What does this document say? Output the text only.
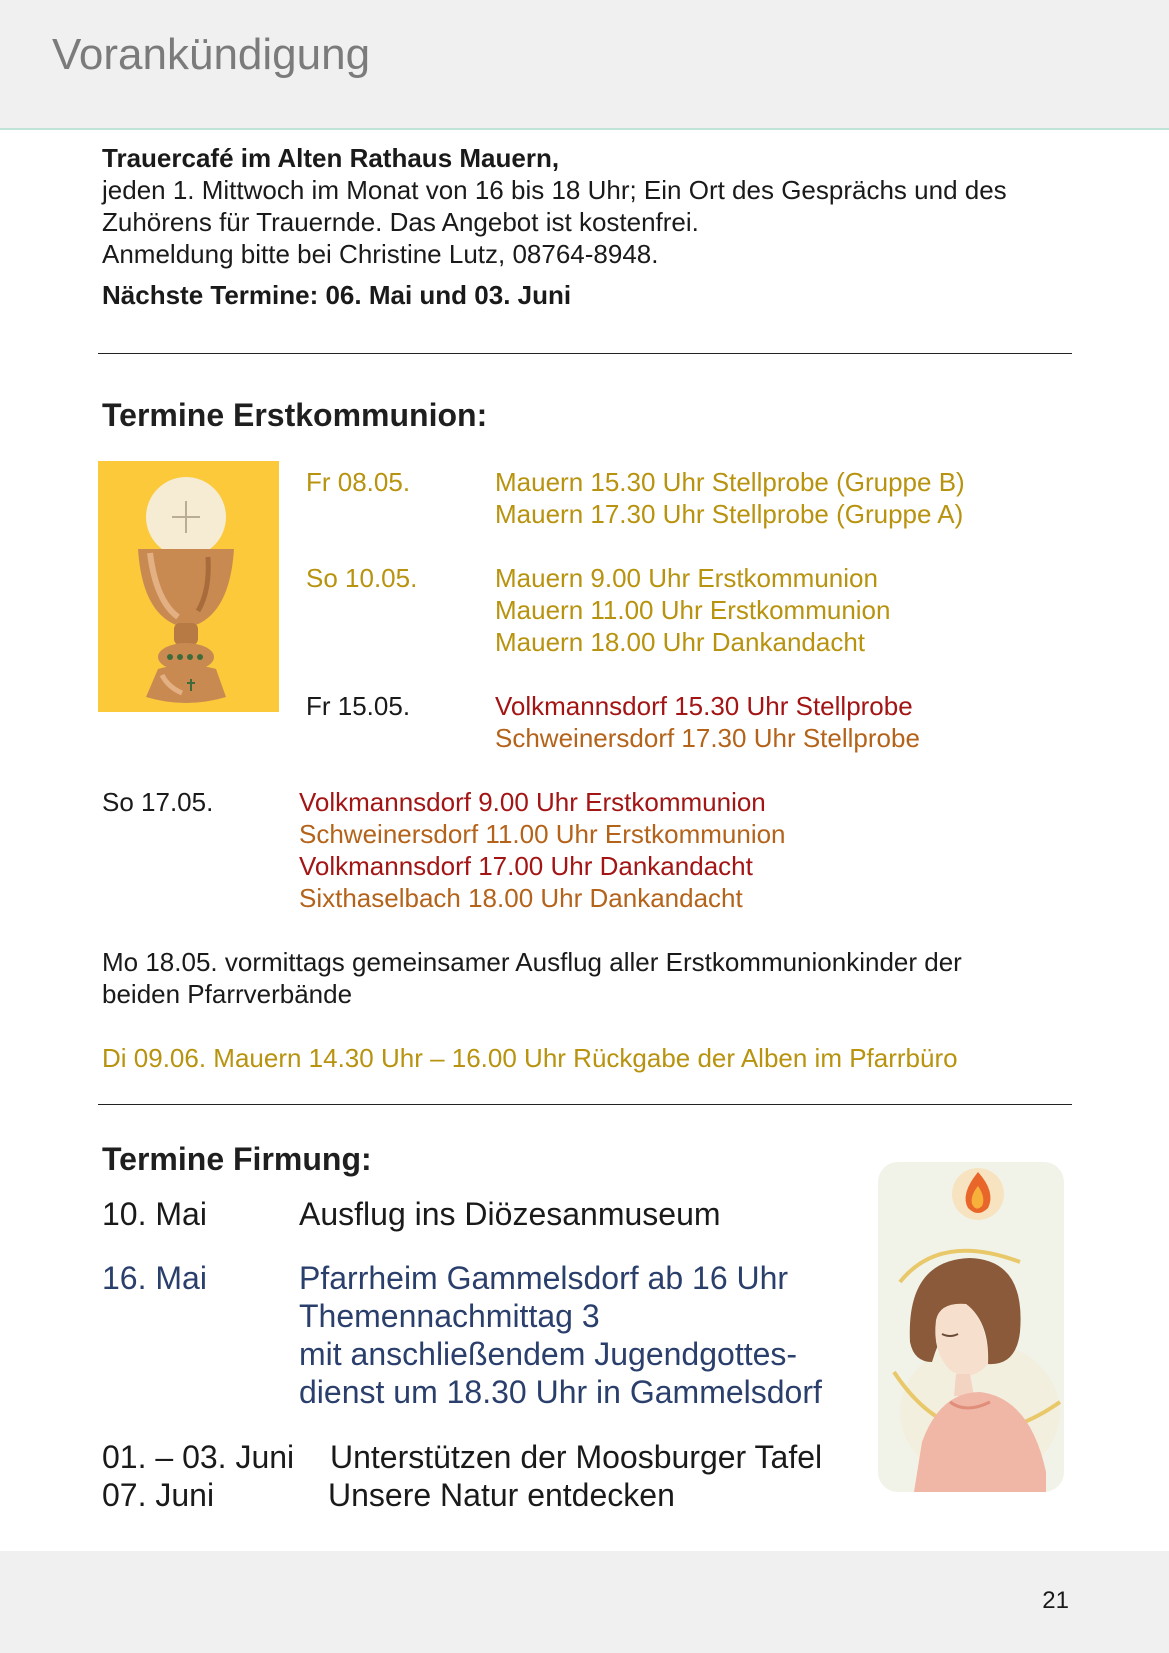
Vorankündigung
Trauercafé im Alten Rathaus Mauern,
jeden 1. Mittwoch im Monat von 16 bis 18 Uhr; Ein Ort des Gesprächs und des
Zuhörens für Trauernde. Das Angebot ist kostenfrei.
Anmeldung bitte bei Christine Lutz, 08764-8948.
Nächste Termine: 06. Mai und 03. Juni
Termine Erstkommunion:
Fr 08.05.	Mauern 15.30 Uhr Stellprobe (Gruppe B)
Mauern 17.30 Uhr Stellprobe (Gruppe A)
So 10.05.	Mauern 9.00 Uhr Erstkommunion
Mauern 11.00 Uhr Erstkommunion
Mauern 18.00 Uhr Dankandacht
Fr 15.05.	Volkmannsdorf 15.30 Uhr Stellprobe
Schweinersdorf 17.30 Uhr Stellprobe
So 17.05.	Volkmannsdorf 9.00 Uhr Erstkommunion
Schweinersdorf 11.00 Uhr Erstkommunion
Volkmannsdorf 17.00 Uhr Dankandacht
Sixthaselbach 18.00 Uhr Dankandacht
Mo 18.05. vormittags gemeinsamer Ausflug aller Erstkommunionkinder der
beiden Pfarrverbände
Di 09.06. Mauern 14.30 Uhr – 16.00 Uhr Rückgabe der Alben im Pfarrbüro
Termine Firmung:
10. Mai	Ausflug ins Diözesanmuseum
16. Mai	Pfarrheim Gammelsdorf ab 16 Uhr
Themennachmittag 3
mit anschließendem Jugendgottes-
dienst um 18.30 Uhr in Gammelsdorf
01. – 03. Juni Unterstützen der Moosburger Tafel
07. Juni	Unsere Natur entdecken
21
